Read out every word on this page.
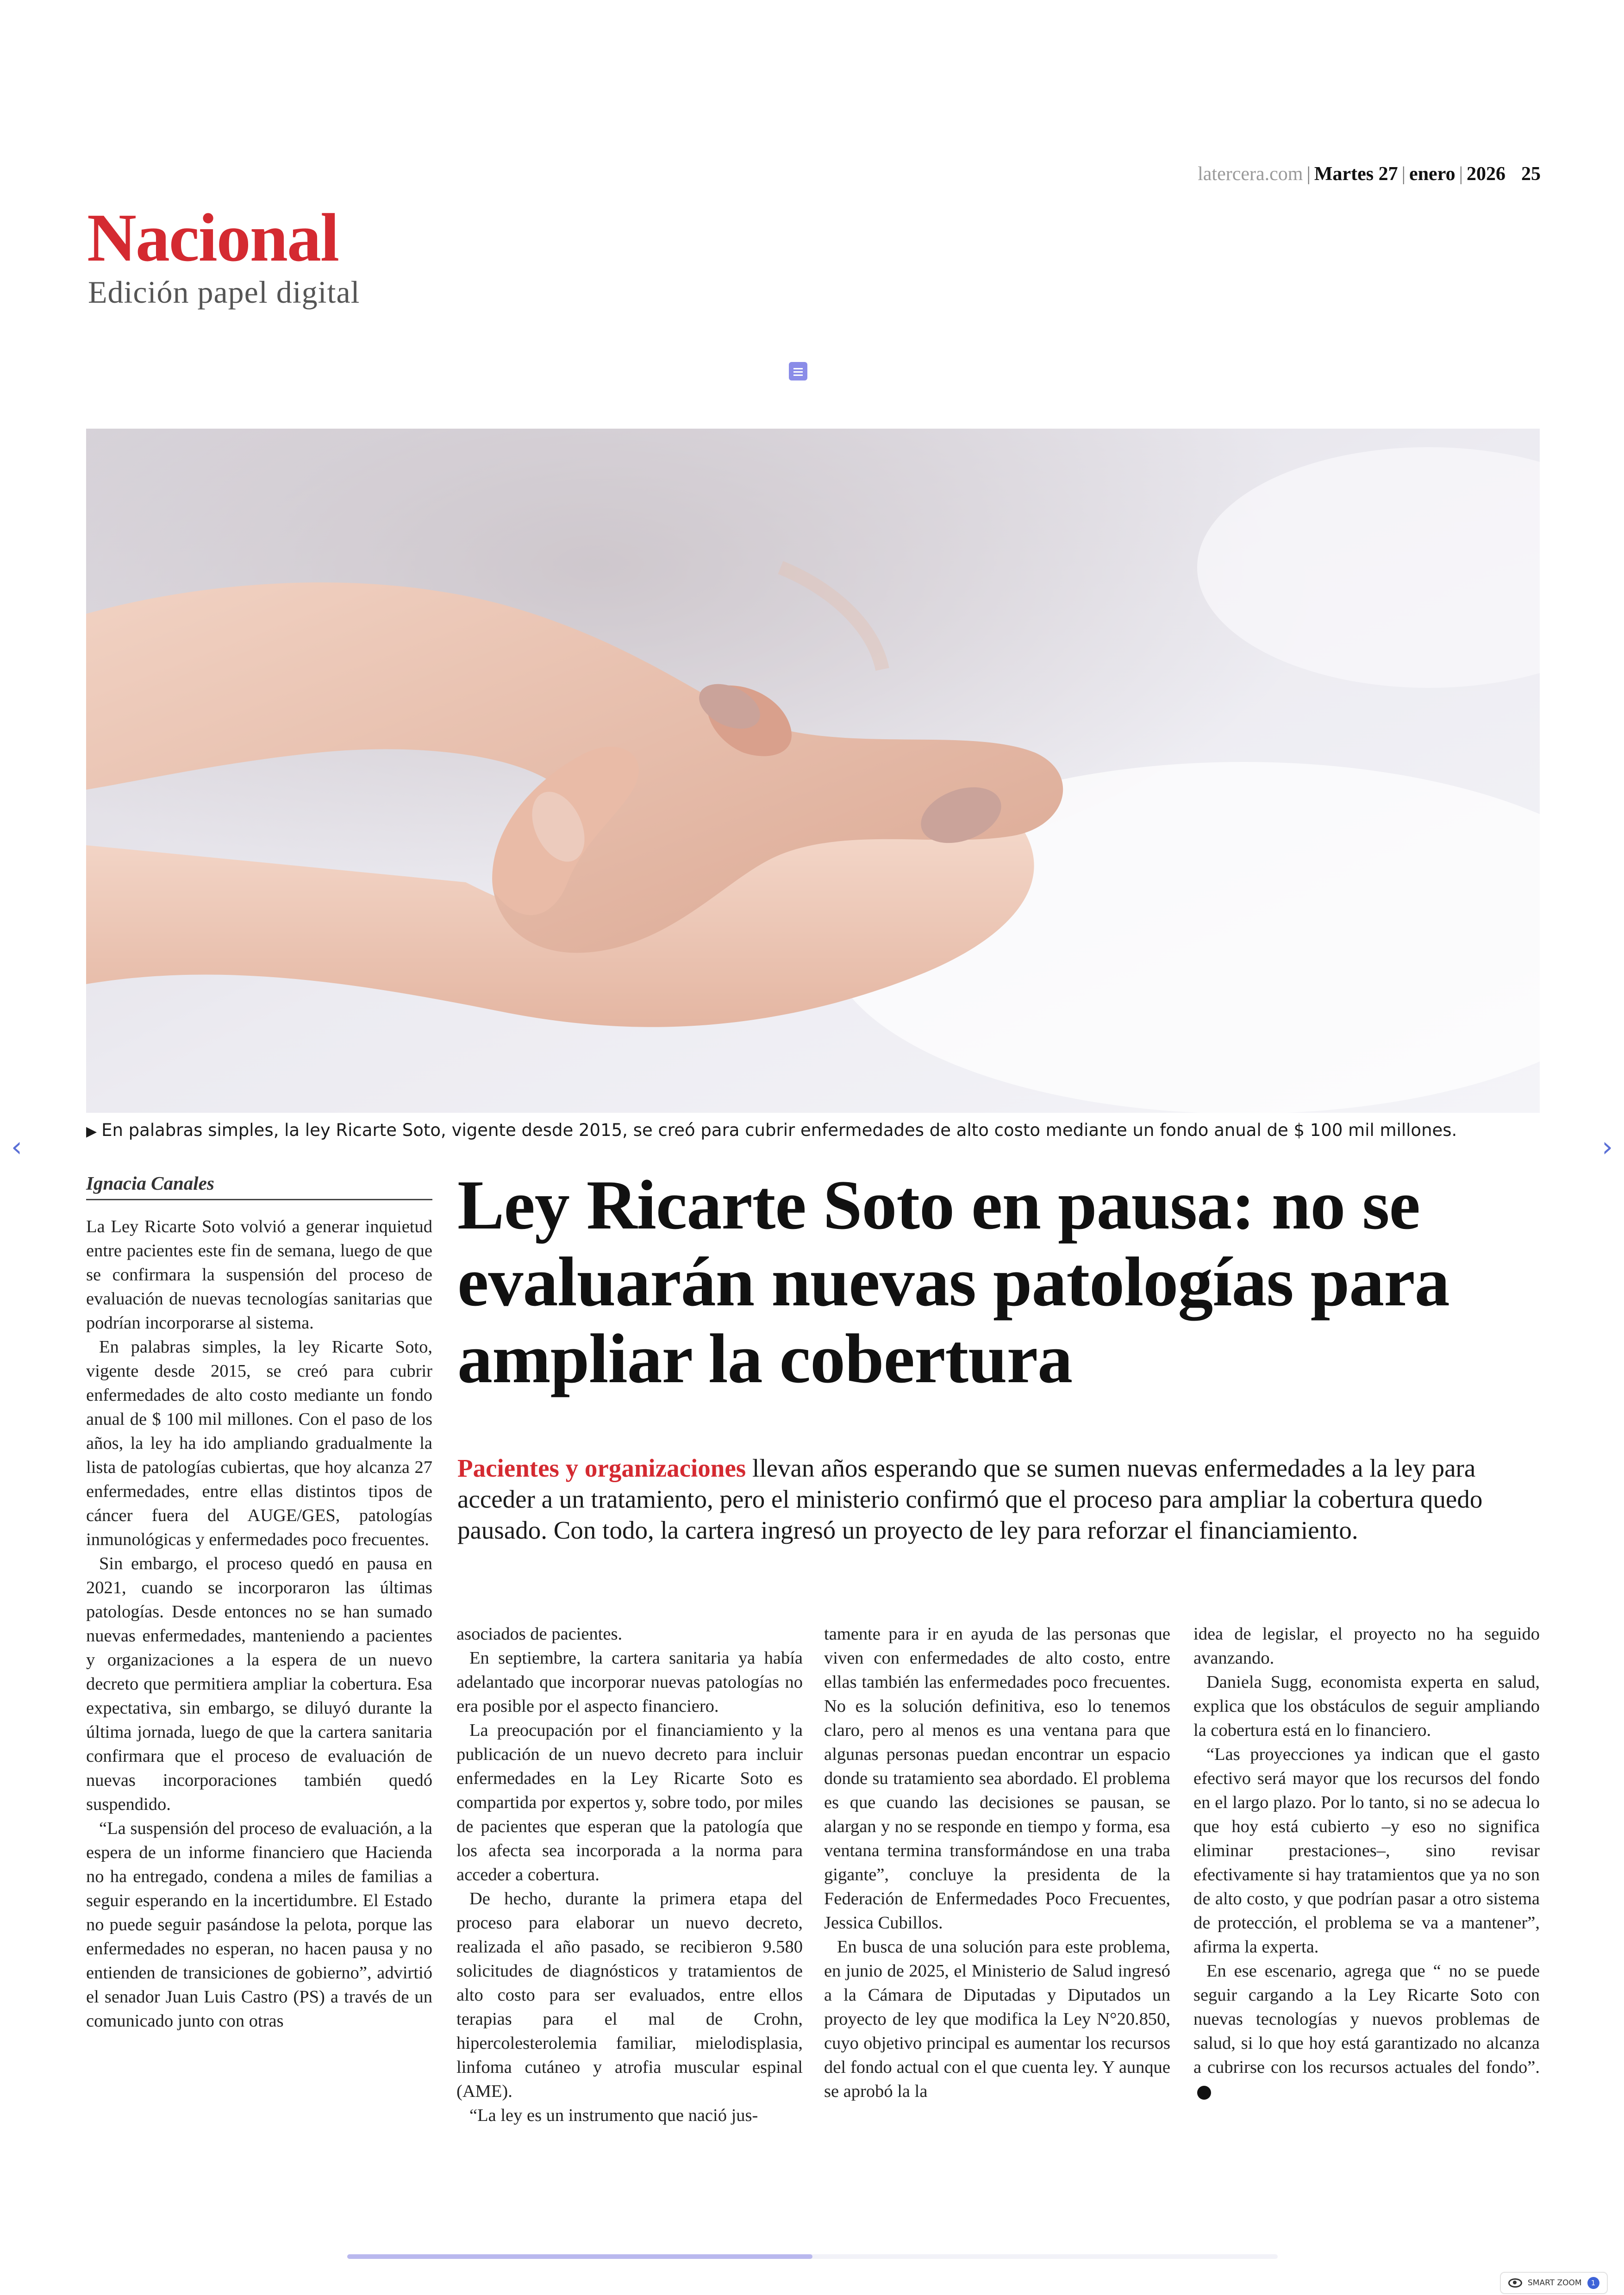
latercera.com | Martes 27 | enero | 2026 25
Nacional
Edición papel digital
▶ En palabras simples, la ley Ricarte Soto, vigente desde 2015, se creó para cubrir enfermedades de alto costo mediante un fondo anual de $ 100 mil millones.
‹	›
Ignacia Canales	Ley Ricarte Soto en pausa: no se evaluarán nuevas patologías para ampliar la cobertura
Pacientes y organizaciones llevan años esperando que se sumen nuevas enfermedades a la ley para acceder a un tratamiento, pero el ministerio confirmó que el proceso para ampliar la cobertura quedo pausado. Con todo, la cartera ingresó un proyecto de ley para reforzar el financiamiento.

La Ley Ricarte Soto volvió a generar inquietud entre pacientes este fin de semana, luego de que se confirmara la suspensión del proceso de evaluación de nuevas tecnologías sanitarias que podrían incorporarse al sistema.

En palabras simples, la ley Ricarte Soto, vigente desde 2015, se creó para cubrir enfermedades de alto costo mediante un fondo anual de $ 100 mil millones. Con el paso de los años, la ley ha ido ampliando gradualmente la lista de patologías cubiertas, que hoy alcanza 27 enfermedades, entre ellas distintos tipos de cáncer fuera del AUGE/GES, patologías inmunológicas y enfermedades poco frecuentes.

Sin embargo, el proceso quedó en pausa en 2021, cuando se incorporaron las últimas patologías. Desde entonces no se han sumado nuevas enfermedades, manteniendo a pacientes y organizaciones a la espera de un nuevo decreto que permitiera ampliar la cobertura. Esa expectativa, sin embargo, se diluyó durante la última jornada, luego de que la cartera sanitaria confirmara que el proceso de evaluación de nuevas incorporaciones también quedó suspendido.

“La suspensión del proceso de evaluación, a la espera de un informe financiero que Hacienda no ha entregado, condena a miles de familias a seguir esperando en la incertidumbre. El Estado no puede seguir pasándose la pelota, porque las enfermedades no esperan, no hacen pausa y no entienden de transiciones de gobierno”, advirtió el senador Juan Luis Castro (PS) a través de un comunicado junto con otras

asociados de pacientes.

En septiembre, la cartera sanitaria ya había adelantado que incorporar nuevas patologías no era posible por el aspecto financiero.

La preocupación por el financiamiento y la publicación de un nuevo decreto para incluir enfermedades en la Ley Ricarte Soto es compartida por expertos y, sobre todo, por miles de pacientes que esperan que la patología que los afecta sea incorporada a la norma para acceder a cobertura.

De hecho, durante la primera etapa del proceso para elaborar un nuevo decreto, realizada el año pasado, se recibieron 9.580 solicitudes de diagnósticos y tratamientos de alto costo para ser evaluados, entre ellos terapias para el mal de Crohn, hipercolesterolemia familiar, mielodisplasia, linfoma cutáneo y atrofia muscular espinal (AME).

“La ley es un instrumento que nació jus-

tamente para ir en ayuda de las personas que viven con enfermedades de alto costo, entre ellas también las enfermedades poco frecuentes. No es la solución definitiva, eso lo tenemos claro, pero al menos es una ventana para que algunas personas puedan encontrar un espacio donde su tratamiento sea abordado. El problema es que cuando las decisiones se pausan, se alargan y no se responde en tiempo y forma, esa ventana termina transformándose en una traba gigante”, concluye la presidenta de la Federación de Enfermedades Poco Frecuentes, Jessica Cubillos.

En busca de una solución para este problema, en junio de 2025, el Ministerio de Salud ingresó a la Cámara de Diputadas y Diputados un proyecto de ley que modifica la Ley N°20.850, cuyo objetivo principal es aumentar los recursos del fondo actual con el que cuenta ley. Y aunque se aprobó la la

idea de legislar, el proyecto no ha seguido avanzando.

Daniela Sugg, economista experta en salud, explica que los obstáculos de seguir ampliando la cobertura está en lo financiero.

“Las proyecciones ya indican que el gasto efectivo será mayor que los recursos del fondo en el largo plazo. Por lo tanto, si no se adecua lo que hoy está cubierto –y eso no significa eliminar prestaciones–, sino revisar efectivamente si hay tratamientos que ya no son de alto costo, y que podrían pasar a otro sistema de protección, el problema se va a mantener”, afirma la experta.

En ese escenario, agrega que “ no se puede seguir cargando a la Ley Ricarte Soto con nuevas tecnologías y nuevos problemas de salud, si lo que hoy está garantizado no alcanza a cubrirse con los recursos actuales del fondo”.

SMART ZOOM	1
